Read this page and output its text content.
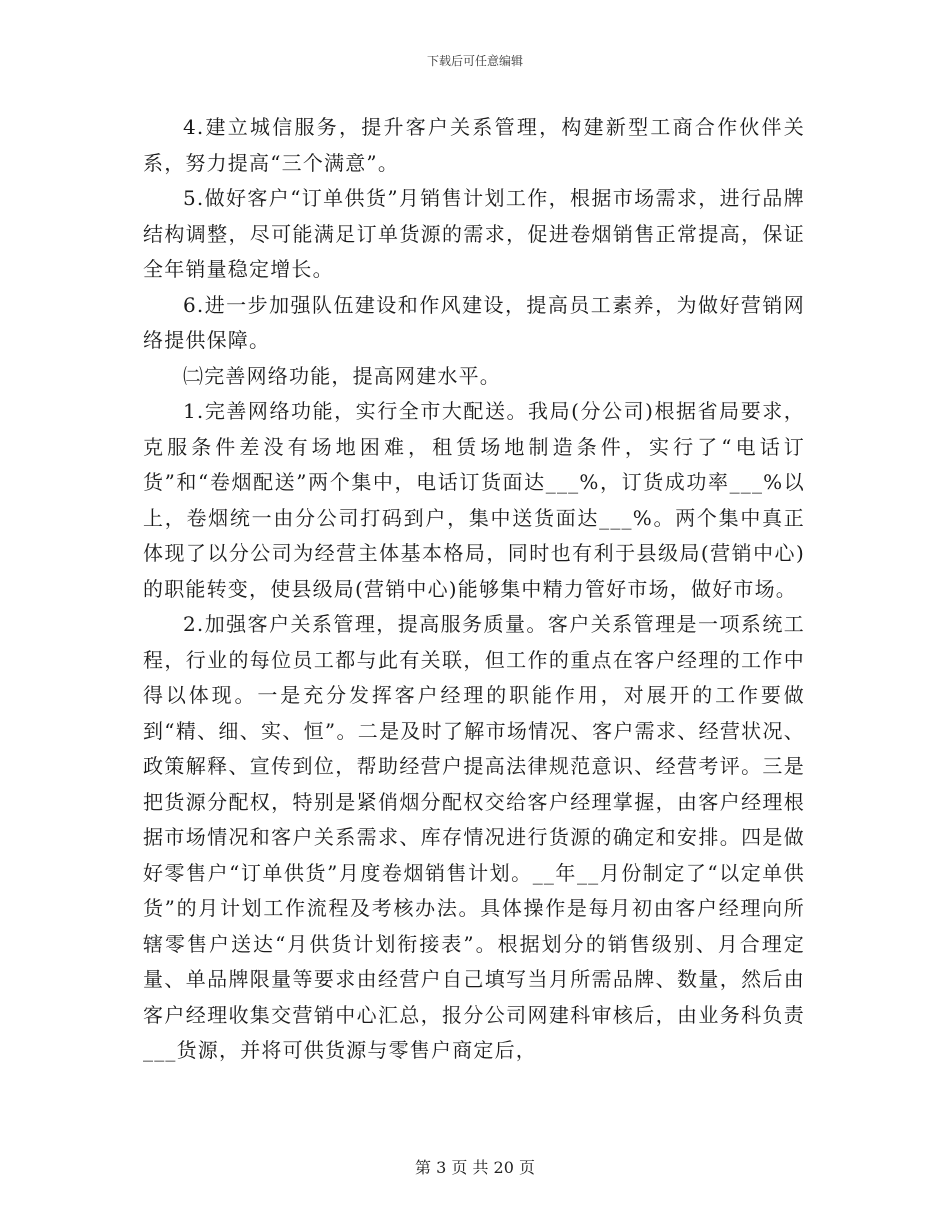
下载后可任意编辑

4.建立城信服务，提升客户关系管理，构建新型工商合作伙伴关系，努力提高“三个满意”。

5.做好客户“订单供货”月销售计划工作，根据市场需求，进行品牌结构调整，尽可能满足订单货源的需求，促进卷烟销售正常提高，保证全年销量稳定增长。

6.进一步加强队伍建设和作风建设，提高员工素养，为做好营销网络提供保障。

㈡完善网络功能，提高网建水平。

1.完善网络功能，实行全市大配送。我局(分公司)根据省局要求，克服条件差没有场地困难，租赁场地制造条件，实行了“电话订货”和“卷烟配送”两个集中，电话订货面达___%，订货成功率___%以上，卷烟统一由分公司打码到户，集中送货面达___%。两个集中真正体现了以分公司为经营主体基本格局，同时也有利于县级局(营销中心)的职能转变，使县级局(营销中心)能够集中精力管好市场，做好市场。

2.加强客户关系管理，提高服务质量。客户关系管理是一项系统工程，行业的每位员工都与此有关联，但工作的重点在客户经理的工作中得以体现。一是充分发挥客户经理的职能作用，对展开的工作要做到“精、细、实、恒”。二是及时了解市场情况、客户需求、经营状况、政策解释、宣传到位，帮助经营户提高法律规范意识、经营考评。三是把货源分配权，特别是紧俏烟分配权交给客户经理掌握，由客户经理根据市场情况和客户关系需求、库存情况进行货源的确定和安排。四是做好零售户“订单供货”月度卷烟销售计划。__年__月份制定了“以定单供货”的月计划工作流程及考核办法。具体操作是每月初由客户经理向所辖零售户送达“月供货计划衔接表”。根据划分的销售级别、月合理定量、单品牌限量等要求由经营户自己填写当月所需品牌、数量，然后由客户经理收集交营销中心汇总，报分公司网建科审核后，由业务科负责___货源，并将可供货源与零售户商定后，

第 3 页 共 20 页
